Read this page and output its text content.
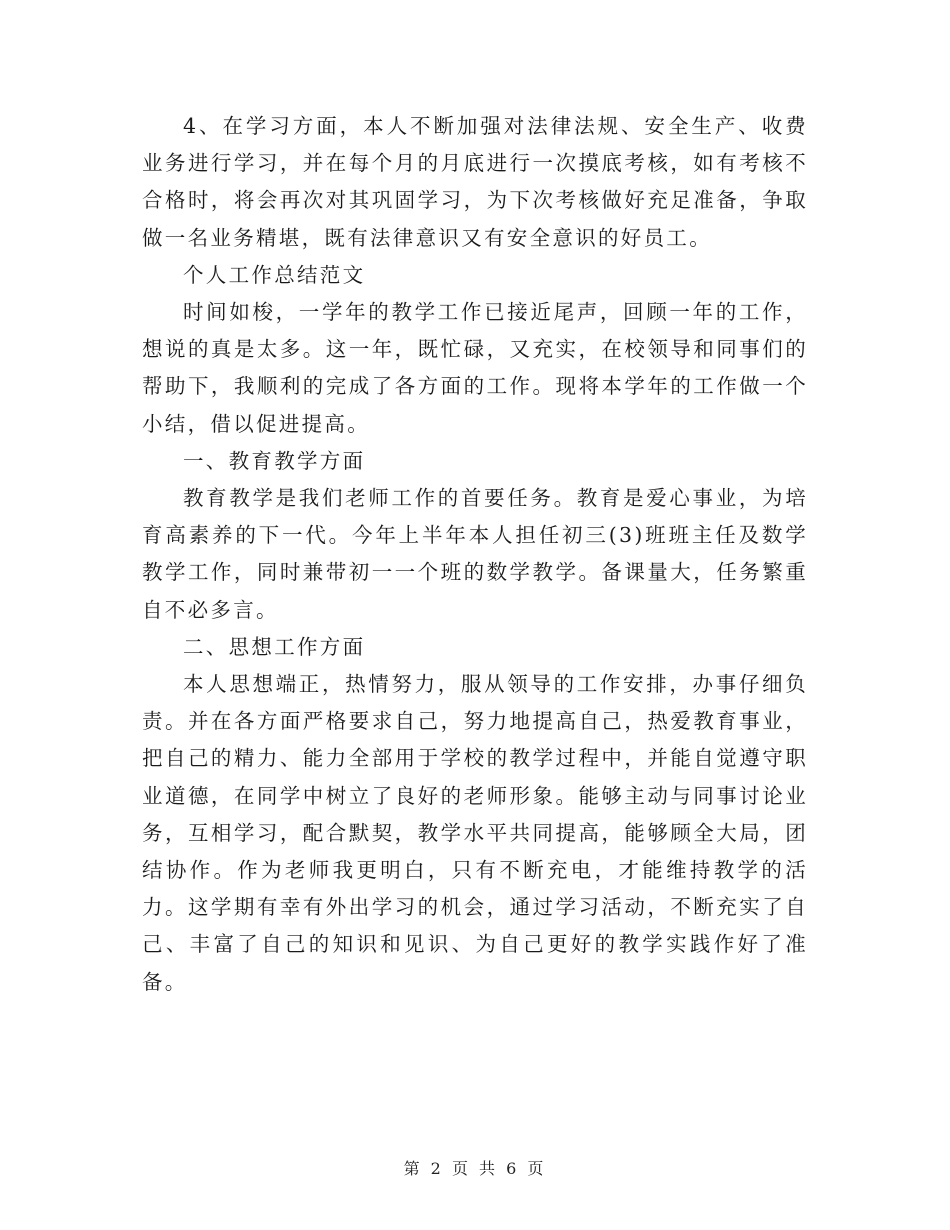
4、在学习方面，本人不断加强对法律法规、安全生产、收费业务进行学习，并在每个月的月底进行一次摸底考核，如有考核不合格时，将会再次对其巩固学习，为下次考核做好充足准备，争取做一名业务精堪，既有法律意识又有安全意识的好员工。

个人工作总结范文

时间如梭，一学年的教学工作已接近尾声，回顾一年的工作，想说的真是太多。这一年，既忙碌，又充实，在校领导和同事们的帮助下，我顺利的完成了各方面的工作。现将本学年的工作做一个小结，借以促进提高。

一、教育教学方面

教育教学是我们老师工作的首要任务。教育是爱心事业，为培育高素养的下一代。今年上半年本人担任初三(3)班班主任及数学教学工作，同时兼带初一一个班的数学教学。备课量大，任务繁重自不必多言。

二、思想工作方面

本人思想端正，热情努力，服从领导的工作安排，办事仔细负责。并在各方面严格要求自己，努力地提高自己，热爱教育事业，把自己的精力、能力全部用于学校的教学过程中，并能自觉遵守职业道德，在同学中树立了良好的老师形象。能够主动与同事讨论业务，互相学习，配合默契，教学水平共同提高，能够顾全大局，团结协作。作为老师我更明白，只有不断充电，才能维持教学的活力。这学期有幸有外出学习的机会，通过学习活动，不断充实了自己、丰富了自己的知识和见识、为自己更好的教学实践作好了准备。

第 2 页 共 6 页
